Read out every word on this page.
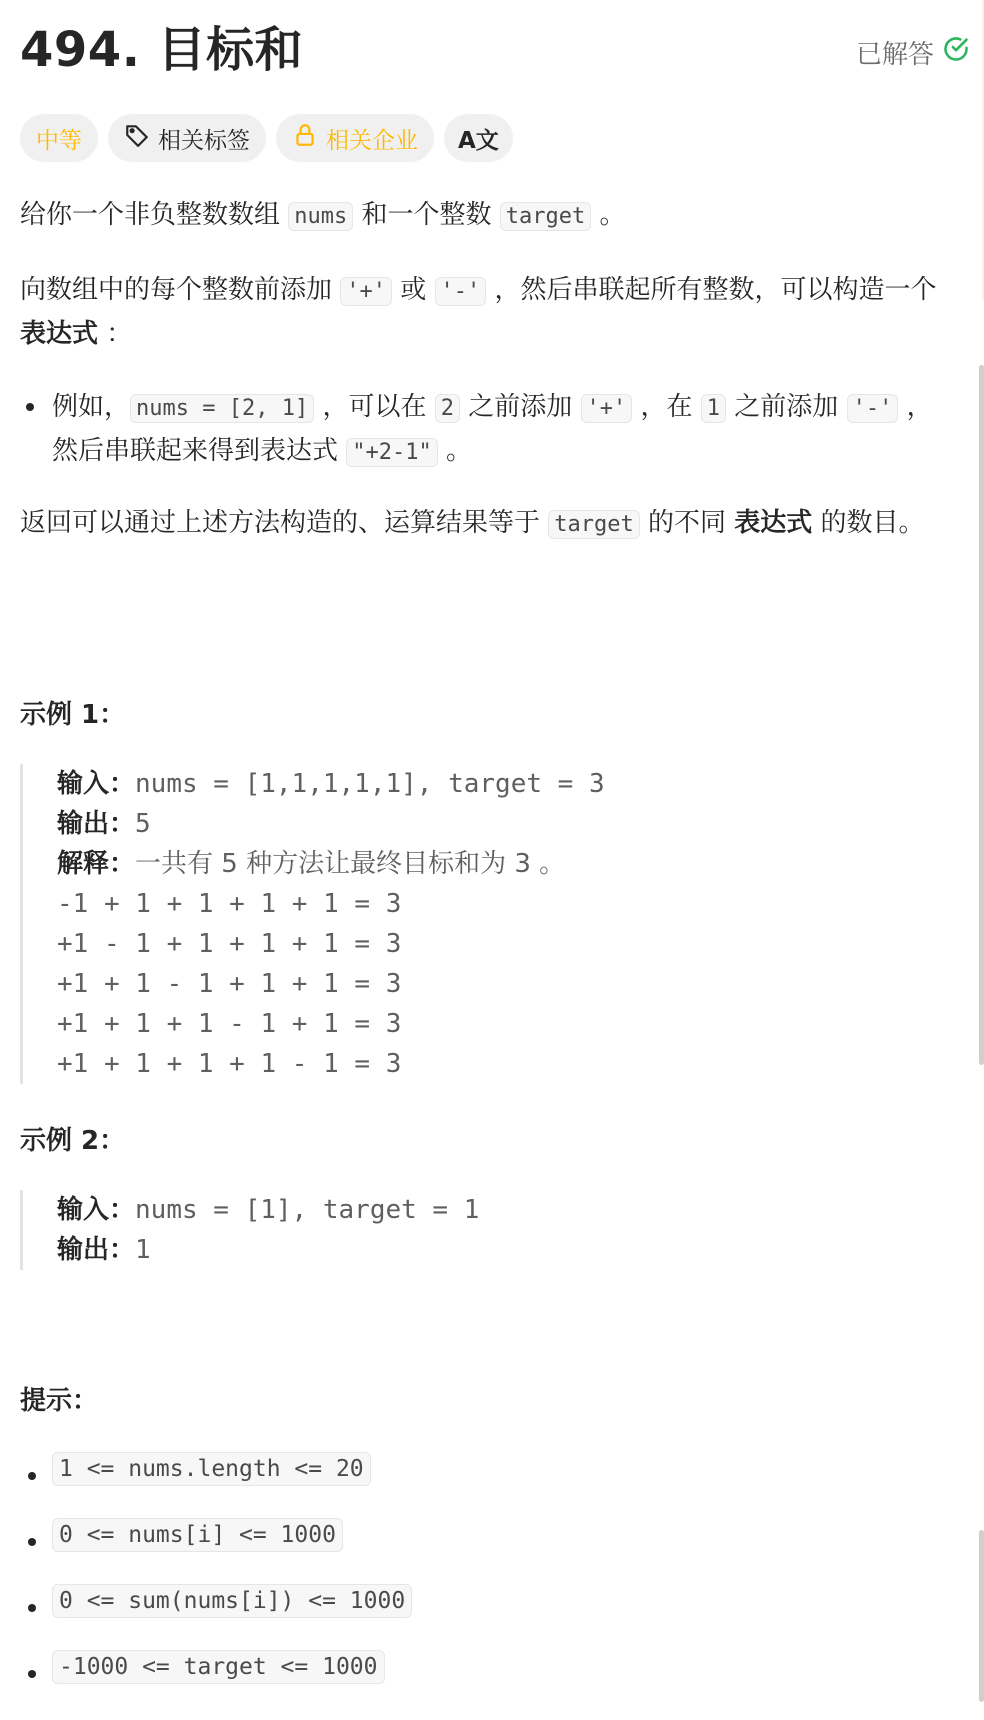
494. 目标和	已解答
中等	相关标签	相关企业 A文
给你一个非负整数数组 nums 和一个整数 target 。
向数组中的每个整数前添加 '+' 或 '-' ，然后串联起所有整数，可以构造一个 表达式 ：
例如， nums = [2, 1] ，可以在 2 之前添加 '+' ，在 1 之前添加 '-' ，然后串联起来得到表达式 "+2-1" 。
返回可以通过上述方法构造的、运算结果等于 target 的不同 表达式 的数目。
示例 1：
输入：nums = [1,1,1,1,1], target = 3
输出：5
解释：一共有 5 种方法让最终目标和为 3 。
-1 + 1 + 1 + 1 + 1 = 3
+1 - 1 + 1 + 1 + 1 = 3
+1 + 1 - 1 + 1 + 1 = 3
+1 + 1 + 1 - 1 + 1 = 3
+1 + 1 + 1 + 1 - 1 = 3
示例 2：
输入：nums = [1], target = 1
输出：1
提示：
1 <= nums.length <= 20
0 <= nums[i] <= 1000
0 <= sum(nums[i]) <= 1000
-1000 <= target <= 1000
